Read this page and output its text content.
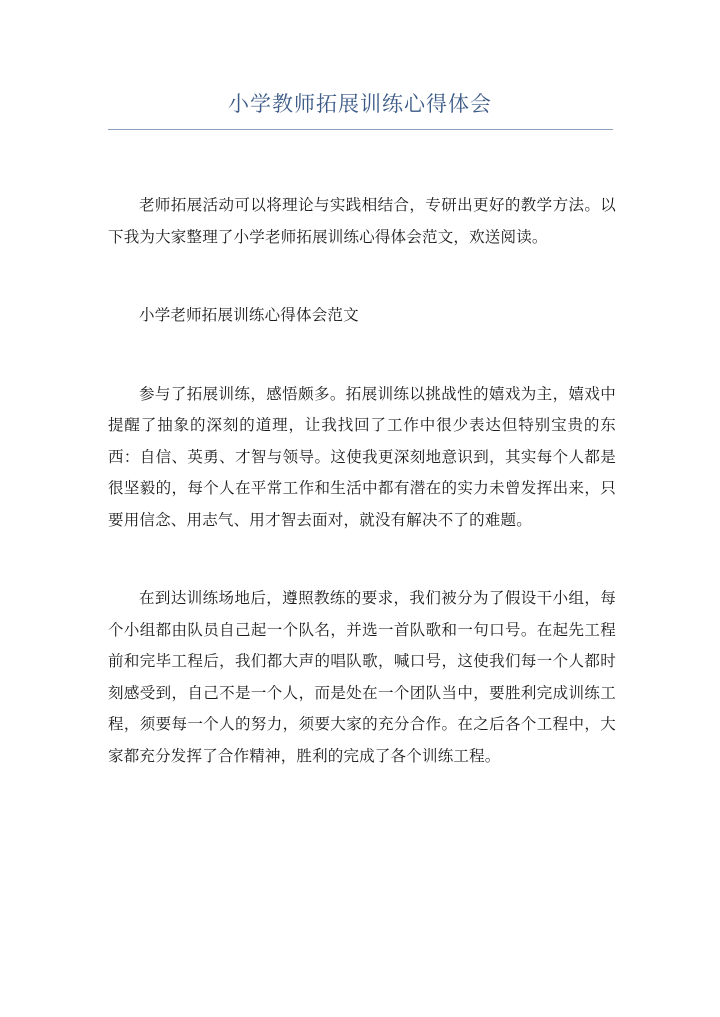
小学教师拓展训练心得体会

老师拓展活动可以将理论与实践相结合，专研出更好的教学方法。以下我为大家整理了小学老师拓展训练心得体会范文，欢送阅读。

小学老师拓展训练心得体会范文

参与了拓展训练，感悟颇多。拓展训练以挑战性的嬉戏为主，嬉戏中提醒了抽象的深刻的道理，让我找回了工作中很少表达但特别宝贵的东西：自信、英勇、才智与领导。这使我更深刻地意识到，其实每个人都是很坚毅的，每个人在平常工作和生活中都有潜在的实力未曾发挥出来，只要用信念、用志气、用才智去面对，就没有解决不了的难题。

在到达训练场地后，遵照教练的要求，我们被分为了假设干小组，每个小组都由队员自己起一个队名，并选一首队歌和一句口号。在起先工程前和完毕工程后，我们都大声的唱队歌，喊口号，这使我们每一个人都时刻感受到，自己不是一个人，而是处在一个团队当中，要胜利完成训练工程，须要每一个人的努力，须要大家的充分合作。在之后各个工程中，大家都充分发挥了合作精神，胜利的完成了各个训练工程。
